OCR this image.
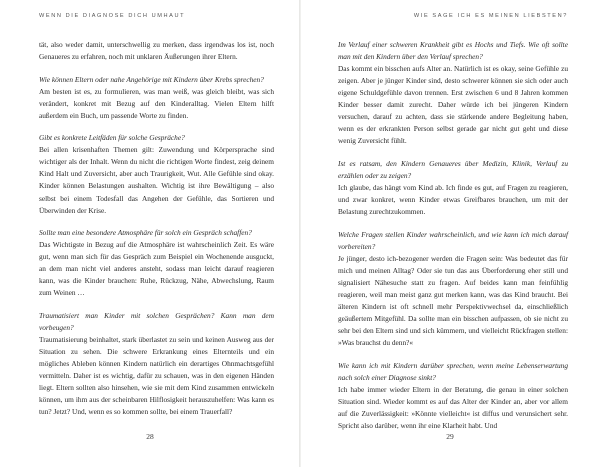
WENN DIE DIAGNOSE DICH UMHAUT

tät, also weder damit, unterschwellig zu merken, dass irgendwas los ist, noch Genaueres zu erfahren, noch mit unklaren Äußerungen ihrer Eltern.

Wie können Eltern oder nahe Angehörige mit Kindern über Krebs sprechen?

Am besten ist es, zu formulieren, was man weiß, was gleich bleibt, was sich verändert, konkret mit Bezug auf den Kinderalltag. Vielen Eltern hilft außerdem ein Buch, um passende Worte zu finden.

Gibt es konkrete Leitfäden für solche Gespräche?

Bei allen krisenhaften Themen gilt: Zuwendung und Körpersprache sind wichtiger als der Inhalt. Wenn du nicht die richtigen Worte findest, zeig deinem Kind Halt und Zuversicht, aber auch Traurigkeit, Wut. Alle Gefühle sind okay. Kinder können Belastungen aushalten. Wichtig ist ihre Bewältigung – also selbst bei einem Todesfall das Angehen der Gefühle, das Sortieren und Überwinden der Krise.

Sollte man eine besondere Atmosphäre für solch ein Gespräch schaffen?

Das Wichtigste in Bezug auf die Atmosphäre ist wahrscheinlich Zeit. Es wäre gut, wenn man sich für das Gespräch zum Beispiel ein Wochenende ausguckt, an dem man nicht viel anderes ansteht, sodass man leicht darauf reagieren kann, was die Kinder brauchen: Ruhe, Rückzug, Nähe, Abwechslung, Raum zum Weinen …

Traumatisiert man Kinder mit solchen Gesprächen? Kann man dem vorbeugen?

Traumatisierung beinhaltet, stark überlastet zu sein und keinen Ausweg aus der Situation zu sehen. Die schwere Erkrankung eines Elternteils und ein mögliches Ableben können Kindern natürlich ein derartiges Ohnmachtsgefühl vermitteln. Daher ist es wichtig, dafür zu schauen, was in den eigenen Händen liegt. Eltern sollten also hinsehen, wie sie mit dem Kind zusammen entwickeln können, um ihm aus der scheinbaren Hilflosigkeit herauszuhelfen: Was kann es tun? Jetzt? Und, wenn es so kommen sollte, bei einem Trauerfall?

28
WIE SAGE ICH ES MEINEN LIEBSTEN?

Im Verlauf einer schweren Krankheit gibt es Hochs und Tiefs. Wie oft sollte man mit den Kindern über den Verlauf sprechen?

Das kommt ein bisschen aufs Alter an. Natürlich ist es okay, seine Gefühle zu zeigen. Aber je jünger Kinder sind, desto schwerer können sie sich oder auch eigene Schuldgefühle davon trennen. Erst zwischen 6 und 8 Jahren kommen Kinder besser damit zurecht. Daher würde ich bei jüngeren Kindern versuchen, darauf zu achten, dass sie stärkende andere Begleitung haben, wenn es der erkrankten Person selbst gerade gar nicht gut geht und diese wenig Zuversicht fühlt.

Ist es ratsam, den Kindern Genaueres über Medizin, Klinik, Verlauf zu erzählen oder zu zeigen?

Ich glaube, das hängt vom Kind ab. Ich finde es gut, auf Fragen zu reagieren, und zwar konkret, wenn Kinder etwas Greifbares brauchen, um mit der Belastung zurechtzukommen.

Welche Fragen stellen Kinder wahrscheinlich, und wie kann ich mich darauf vorbereiten?

Je jünger, desto ich-bezogener werden die Fragen sein: Was bedeutet das für mich und meinen Alltag? Oder sie tun das aus Überforderung eher still und signalisiert Nähesuche statt zu fragen. Auf beides kann man feinfühlig reagieren, weil man meist ganz gut merken kann, was das Kind braucht. Bei älteren Kindern ist oft schnell mehr Perspektivwechsel da, einschließlich geäußertem Mitgefühl. Da sollte man ein bisschen aufpassen, ob sie nicht zu sehr bei den Eltern sind und sich kümmern, und vielleicht Rückfragen stellen: »Was brauchst du denn?«

Wie kann ich mit Kindern darüber sprechen, wenn meine Lebenserwartung nach solch einer Diagnose sinkt?

Ich habe immer wieder Eltern in der Beratung, die genau in einer solchen Situation sind. Wieder kommt es auf das Alter der Kinder an, aber vor allem auf die Zuverlässigkeit: »Könnte vielleicht« ist diffus und verunsichert sehr. Spricht also darüber, wenn ihr eine Klarheit habt. Und

29
